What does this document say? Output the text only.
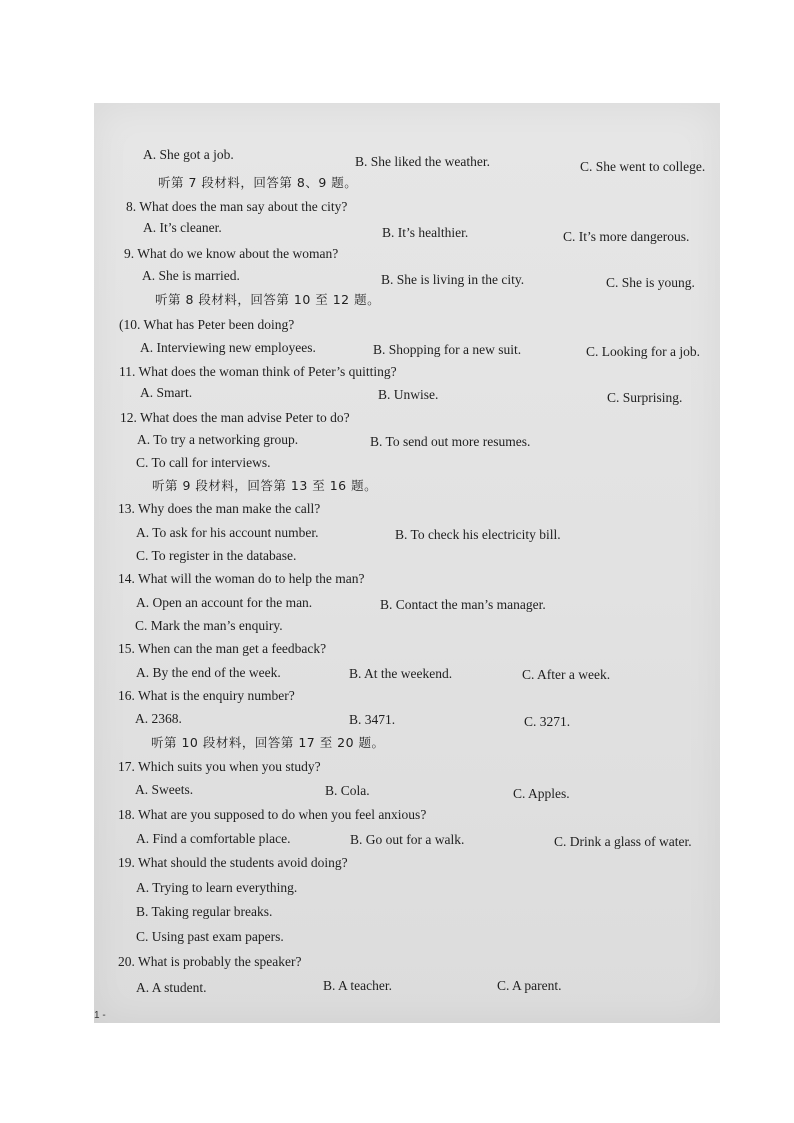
A. She got a job.	B. She liked the weather.	C. She went to college.
听第 7 段材料，回答第 8、9 题。
8. What does the man say about the city?
A. It’s cleaner.	B. It’s healthier.	C. It’s more dangerous.
9. What do we know about the woman?
A. She is married.	B. She is living in the city.	C. She is young.
听第 8 段材料，回答第 10 至 12 题。
(10. What has Peter been doing?
A. Interviewing new employees.	B. Shopping for a new suit.	C. Looking for a job.
11. What does the woman think of Peter’s quitting?
A. Smart.	B. Unwise.	C. Surprising.
12. What does the man advise Peter to do?
A. To try a networking group.	B. To send out more resumes.
C. To call for interviews.
听第 9 段材料，回答第 13 至 16 题。
13. Why does the man make the call?
A. To ask for his account number.	B. To check his electricity bill.
C. To register in the database.
14. What will the woman do to help the man?
A. Open an account for the man.	B. Contact the man’s manager.
C. Mark the man’s enquiry.
15. When can the man get a feedback?
A. By the end of the week.	B. At the weekend.	C. After a week.
16. What is the enquiry number?
A. 2368.	B. 3471.	C. 3271.
听第 10 段材料，回答第 17 至 20 题。
17. Which suits you when you study?
A. Sweets.	B. Cola.	C. Apples.
18. What are you supposed to do when you feel anxious?
A. Find a comfortable place.	B. Go out for a walk.	C. Drink a glass of water.
19. What should the students avoid doing?
A. Trying to learn everything.
B. Taking regular breaks.
C. Using past exam papers.
20. What is probably the speaker?
A. A student.	B. A teacher.	C. A parent.
1 -
